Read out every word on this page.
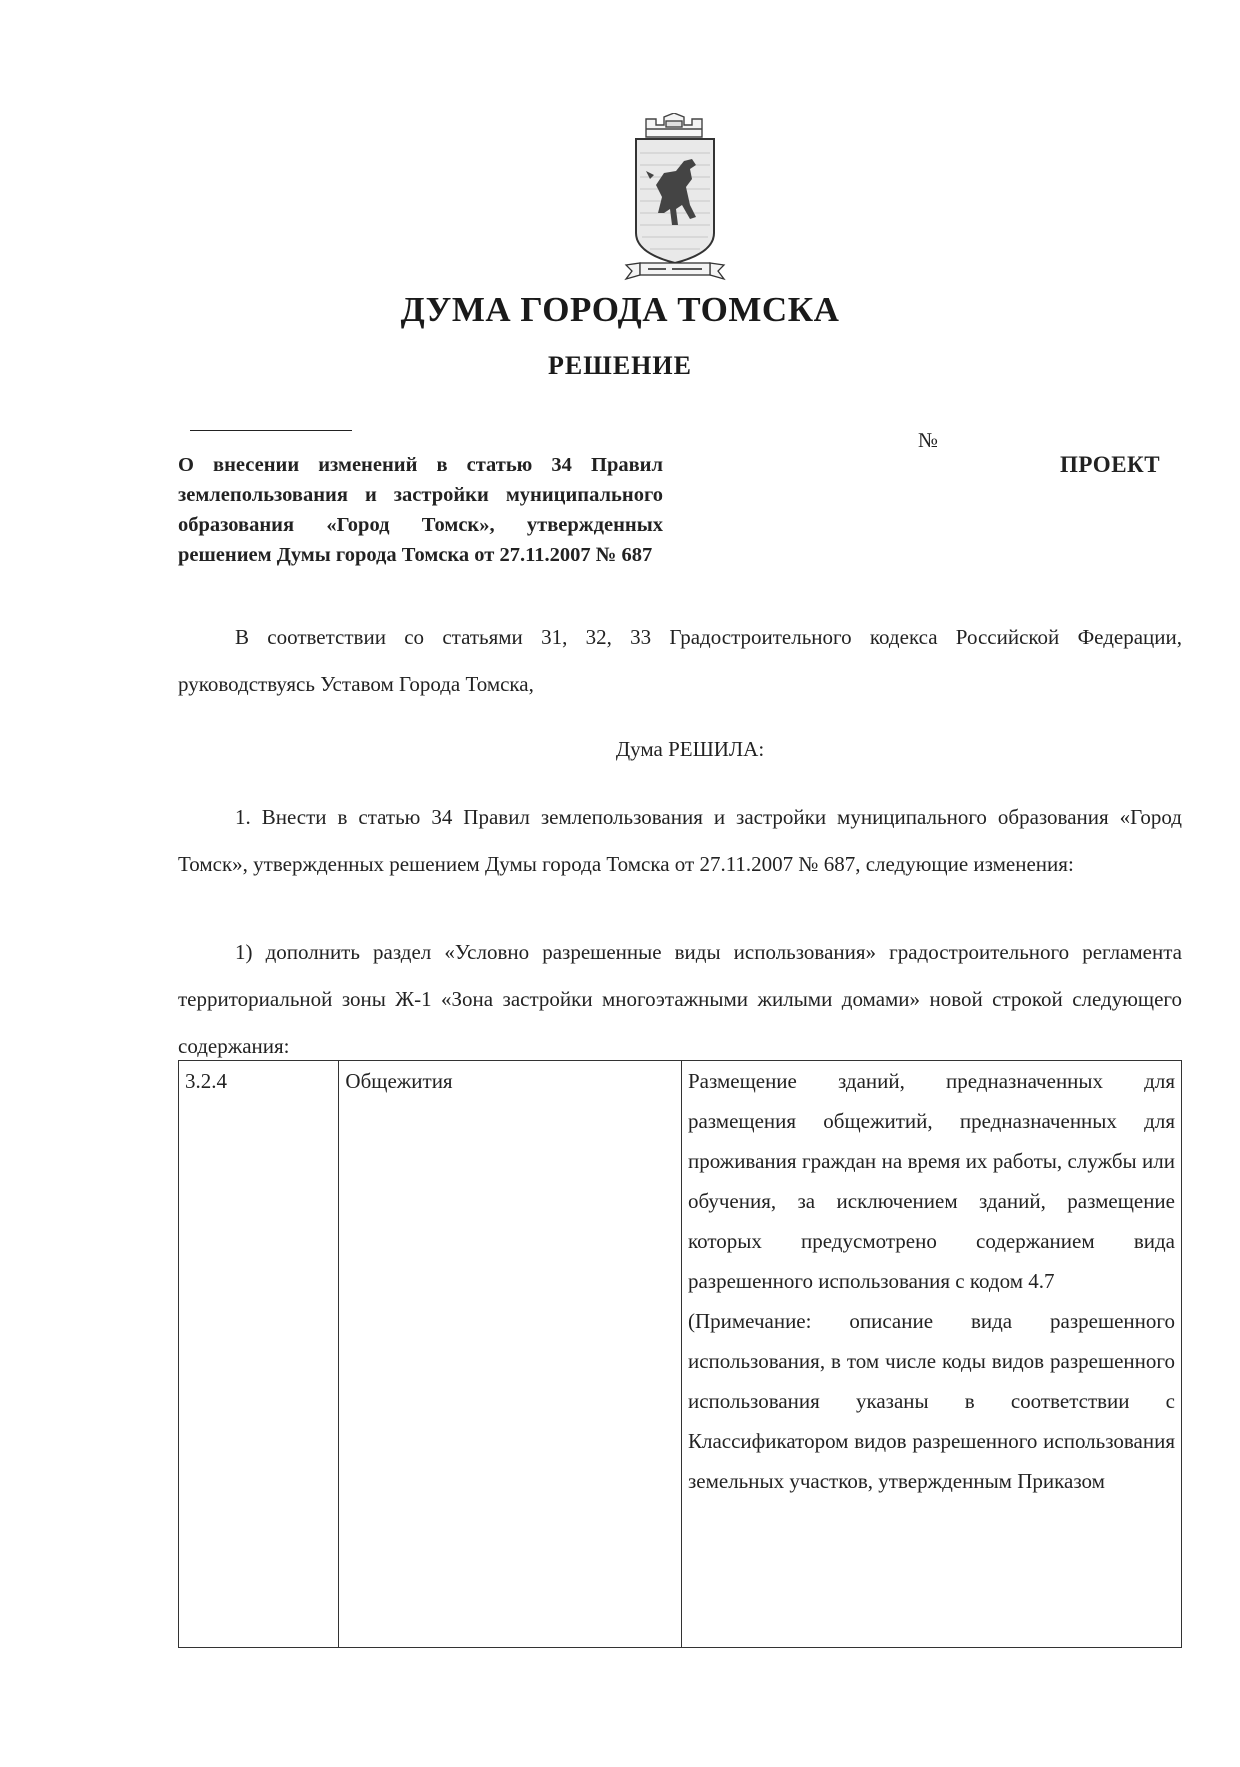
ДУМА ГОРОДА ТОМСКА
РЕШЕНИЕ
№
ПРОЕКТ
О внесении изменений в статью 34 Правил землепользования и застройки муниципального образования «Город Томск», утвержденных решением Думы города Томска от 27.11.2007 № 687

В соответствии со статьями 31, 32, 33 Градостроительного кодекса Российской Федерации, руководствуясь Уставом Города Томска,

Дума РЕШИЛА:

1. Внести в статью 34 Правил землепользования и застройки муниципального образования «Город Томск», утвержденных решением Думы города Томска от 27.11.2007 № 687, следующие изменения:

1) дополнить раздел «Условно разрешенные виды использования» градостроительного регламента территориальной зоны Ж-1 «Зона застройки многоэтажными жилыми домами» новой строкой следующего содержания:

3.2.4	Общежития	Размещение зданий, предназначенных для размещения общежитий, предназначенных для проживания граждан на время их работы, службы или обучения, за исключением зданий, размещение которых предусмотрено содержанием вида разрешенного использования с кодом 4.7
(Примечание: описание вида разрешенного использования, в том числе коды видов разрешенного использования указаны в соответствии с Классификатором видов разрешенного использования земельных участков, утвержденным Приказом
